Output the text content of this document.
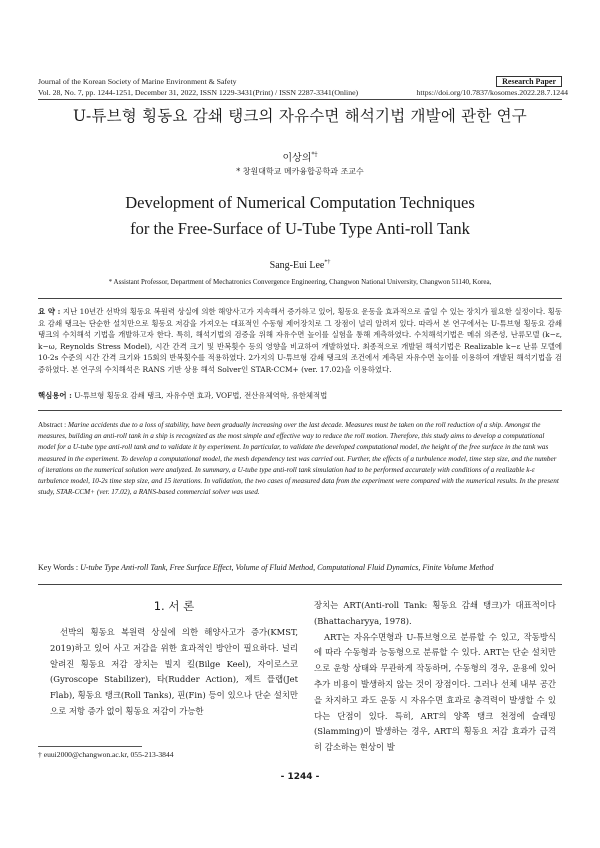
Journal of the Korean Society of Marine Environment & Safety	Research Paper
Vol. 28, No. 7, pp. 1244-1251, December 31, 2022, ISSN 1229-3431(Print) / ISSN 2287-3341(Online)	https://doi.org/10.7837/kosomes.2022.28.7.1244
U-튜브형 횡동요 감쇄 탱크의 자유수면 해석기법 개발에 관한 연구
이상의*†
* 창원대학교 메카융합공학과 조교수
Development of Numerical Computation Techniques
for the Free-Surface of U-Tube Type Anti-roll Tank
Sang-Eui Lee*†
* Assistant Professor, Department of Mechatronics Convergence Engineering, Changwon National University, Changwon 51140, Korea,
요 약 : 지난 10년간 선박의 횡동요 복원력 상실에 의한 해양사고가 지속해서 증가하고 있어, 횡동요 운동을 효과적으로 줄일 수 있는 장치가 필요한 실정이다. 횡동요 감쇄 탱크는 단순한 설치만으로 횡동요 저감을 가져오는 대표적인 수동형 제어장치로 그 장점이 널리 알려져 있다. 따라서 본 연구에서는 U-튜브형 횡동요 감쇄 탱크의 수치해석 기법을 개발하고자 한다. 특히, 해석기법의 검증을 위해 자유수면 높이를 실험을 통해 계측하였다. 수치해석기법은 메쉬 의존성, 난류모델 (k−ε, k−ω, Reynolds Stress Model), 시간 간격 크기 및 반복횟수 등의 영향을 비교하여 개발하였다. 최종적으로 개발된 해석기법은 Realizable k−ε 난류 모델에 10-2s 수준의 시간 간격 크기와 15회의 반복횟수를 적용하였다. 2가지의 U-튜브형 감쇄 탱크의 조건에서 계측된 자유수면 높이를 이용하여 개발된 해석기법을 검증하였다. 본 연구의 수치해석은 RANS 기반 상용 해석 Solver인 STAR-CCM+ (ver. 17.02)을 이용하였다.
핵심용어 : U-튜브형 횡동요 감쇄 탱크, 자유수면 효과, VOF법, 전산유체역학, 유한체적법
Abstract : Marine accidents due to a loss of stability, have been gradually increasing over the last decade. Measures must be taken on the roll reduction of a ship. Amongst the measures, building an anti-roll tank in a ship is recognized as the most simple and effective way to reduce the roll motion. Therefore, this study aims to develop a computational model for a U-tube type anti-roll tank and to validate it by experiment. In particular, to validate the developed computational model, the height of the free surface in the tank was measured in the experiment. To develop a computational model, the mesh dependency test was carried out. Further, the effects of a turbulence model, time step size, and the number of iterations on the numerical solution were analyzed. In summary, a U-tube type anti-roll tank simulation had to be performed accurately with conditions of a realizable k-ε turbulence model, 10-2s time step size, and 15 iterations. In validation, the two cases of measured data from the experiment were compared with the numerical results. In the present study, STAR-CCM+ (ver. 17.02), a RANS-based commercial solver was used.
Key Words : U-tube Type Anti-roll Tank, Free Surface Effect, Volume of Fluid Method, Computational Fluid Dynamics, Finite Volume Method
1. 서 론
선박의 횡동요 복원력 상실에 의한 해양사고가 증가(KMST, 2019)하고 있어 사고 저감을 위한 효과적인 방안이 필요하다. 널리 알려진 횡동요 저감 장치는 빌지 킬(Bilge Keel), 자이로스코(Gyroscope Stabilizer), 타(Rudder Action), 제트 플랩(Jet Flab), 횡동요 탱크(Roll Tanks), 핀(Fin) 등이 있으나 단순 설치만으로 저항 증가 없이 횡동요 저감이 가능한
장치는 ART(Anti-roll Tank: 횡동요 감쇄 탱크)가 대표적이다(Bhattacharyya, 1978).
ART는 자유수면형과 U-튜브형으로 분류할 수 있고, 작동방식에 따라 수동형과 능동형으로 분류할 수 있다. ART는 단순 설치만으로 운항 상태와 무관하게 작동하며, 수동형의 경우, 운용에 있어 추가 비용이 발생하지 않는 것이 장점이다. 그러나 선체 내부 공간을 차지하고 과도 운동 시 자유수면 효과로 충격력이 발생할 수 있다는 단점이 있다. 특히, ART의 양쪽 탱크 천정에 슬래밍(Slamming)이 발생하는 경우, ART의 횡동요 저감 효과가 급격히 감소하는 현상이 발
† euui2000@changwon.ac.kr, 055-213-3844
- 1244 -
